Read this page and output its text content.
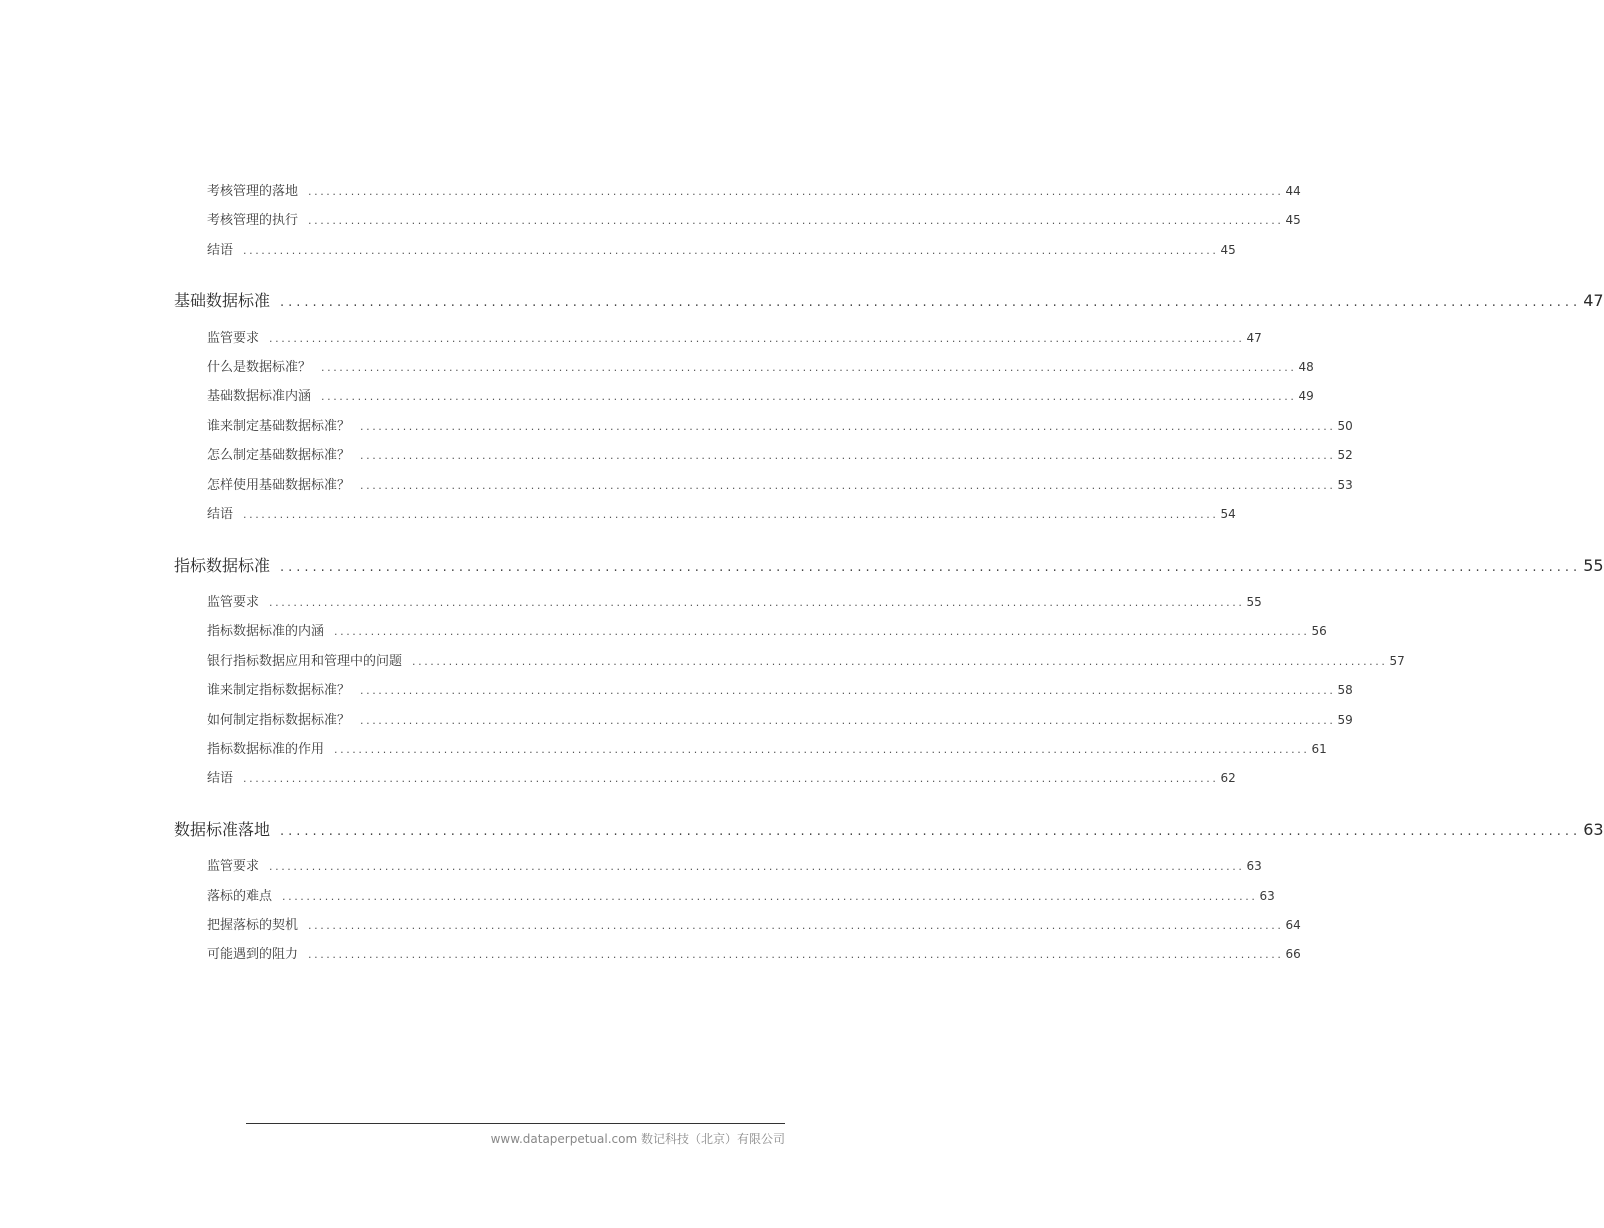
考核管理的落地 ................................................................................................................................................................ 44
考核管理的执行 ................................................................................................................................................................ 45
结语 ................................................................................................................................................................ 45
基础数据标准 ................................................................................................................................................................ 47
监管要求 ................................................................................................................................................................ 47
什么是数据标准？ ................................................................................................................................................................ 48
基础数据标准内涵 ................................................................................................................................................................ 49
谁来制定基础数据标准？ ................................................................................................................................................................ 50
怎么制定基础数据标准？ ................................................................................................................................................................ 52
怎样使用基础数据标准？ ................................................................................................................................................................ 53
结语 ................................................................................................................................................................ 54
指标数据标准 ................................................................................................................................................................ 55
监管要求 ................................................................................................................................................................ 55
指标数据标准的内涵 ................................................................................................................................................................ 56
银行指标数据应用和管理中的问题 ................................................................................................................................................................ 57
谁来制定指标数据标准？ ................................................................................................................................................................ 58
如何制定指标数据标准？ ................................................................................................................................................................ 59
指标数据标准的作用 ................................................................................................................................................................ 61
结语 ................................................................................................................................................................ 62
数据标准落地 ................................................................................................................................................................ 63
监管要求 ................................................................................................................................................................ 63
落标的难点 ................................................................................................................................................................ 63
把握落标的契机 ................................................................................................................................................................ 64
可能遇到的阻力 ................................................................................................................................................................ 66
www.dataperpetual.com 数记科技（北京）有限公司
